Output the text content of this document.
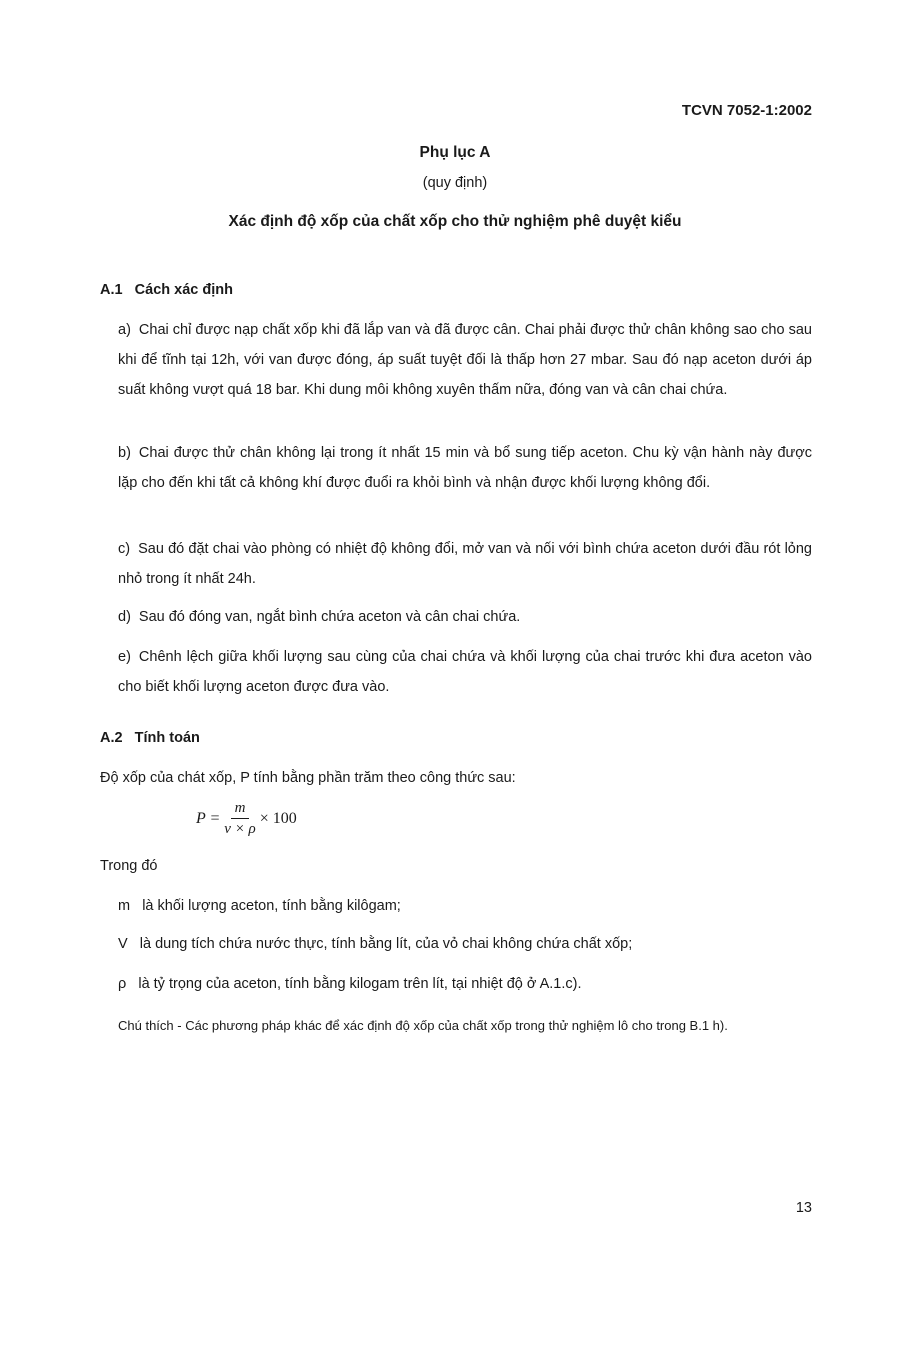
TCVN 7052-1:2002
Phụ lục A
(quy định)
Xác định độ xốp của chất xốp cho thử nghiệm phê duyệt kiểu
A.1 Cách xác định
a) Chai chỉ được nạp chất xốp khi đã lắp van và đã được cân. Chai phải được thử chân không sao cho sau khi để tĩnh tại 12h, với van được đóng, áp suất tuyệt đối là thấp hơn 27 mbar. Sau đó nạp aceton dưới áp suất không vượt quá 18 bar. Khi dung môi không xuyên thấm nữa, đóng van và cân chai chứa.
b) Chai được thử chân không lại trong ít nhất 15 min và bổ sung tiếp aceton. Chu kỳ vận hành này được lặp cho đến khi tất cả không khí được đuổi ra khỏi bình và nhận được khối lượng không đổi.
c) Sau đó đặt chai vào phòng có nhiệt độ không đổi, mở van và nối với bình chứa aceton dưới đầu rót lỏng nhỏ trong ít nhất 24h.
d) Sau đó đóng van, ngắt bình chứa aceton và cân chai chứa.
e) Chênh lệch giữa khối lượng sau cùng của chai chứa và khối lượng của chai trước khi đưa aceton vào cho biết khối lượng aceton được đưa vào.
A.2 Tính toán
Độ xốp của chát xốp, P tính bằng phần trăm theo công thức sau:
$P = \frac{m}{v \times \rho} \times 100$
Trong đó
m là khối lượng aceton, tính bằng kilôgam;
V là dung tích chứa nước thực, tính bằng lít, của vỏ chai không chứa chất xốp;
ρ là tỷ trọng của aceton, tính bằng kilogam trên lít, tại nhiệt độ ở A.1.c).
Chú thích - Các phương pháp khác để xác định độ xốp của chất xốp trong thử nghiệm lô cho trong B.1 h).
13
